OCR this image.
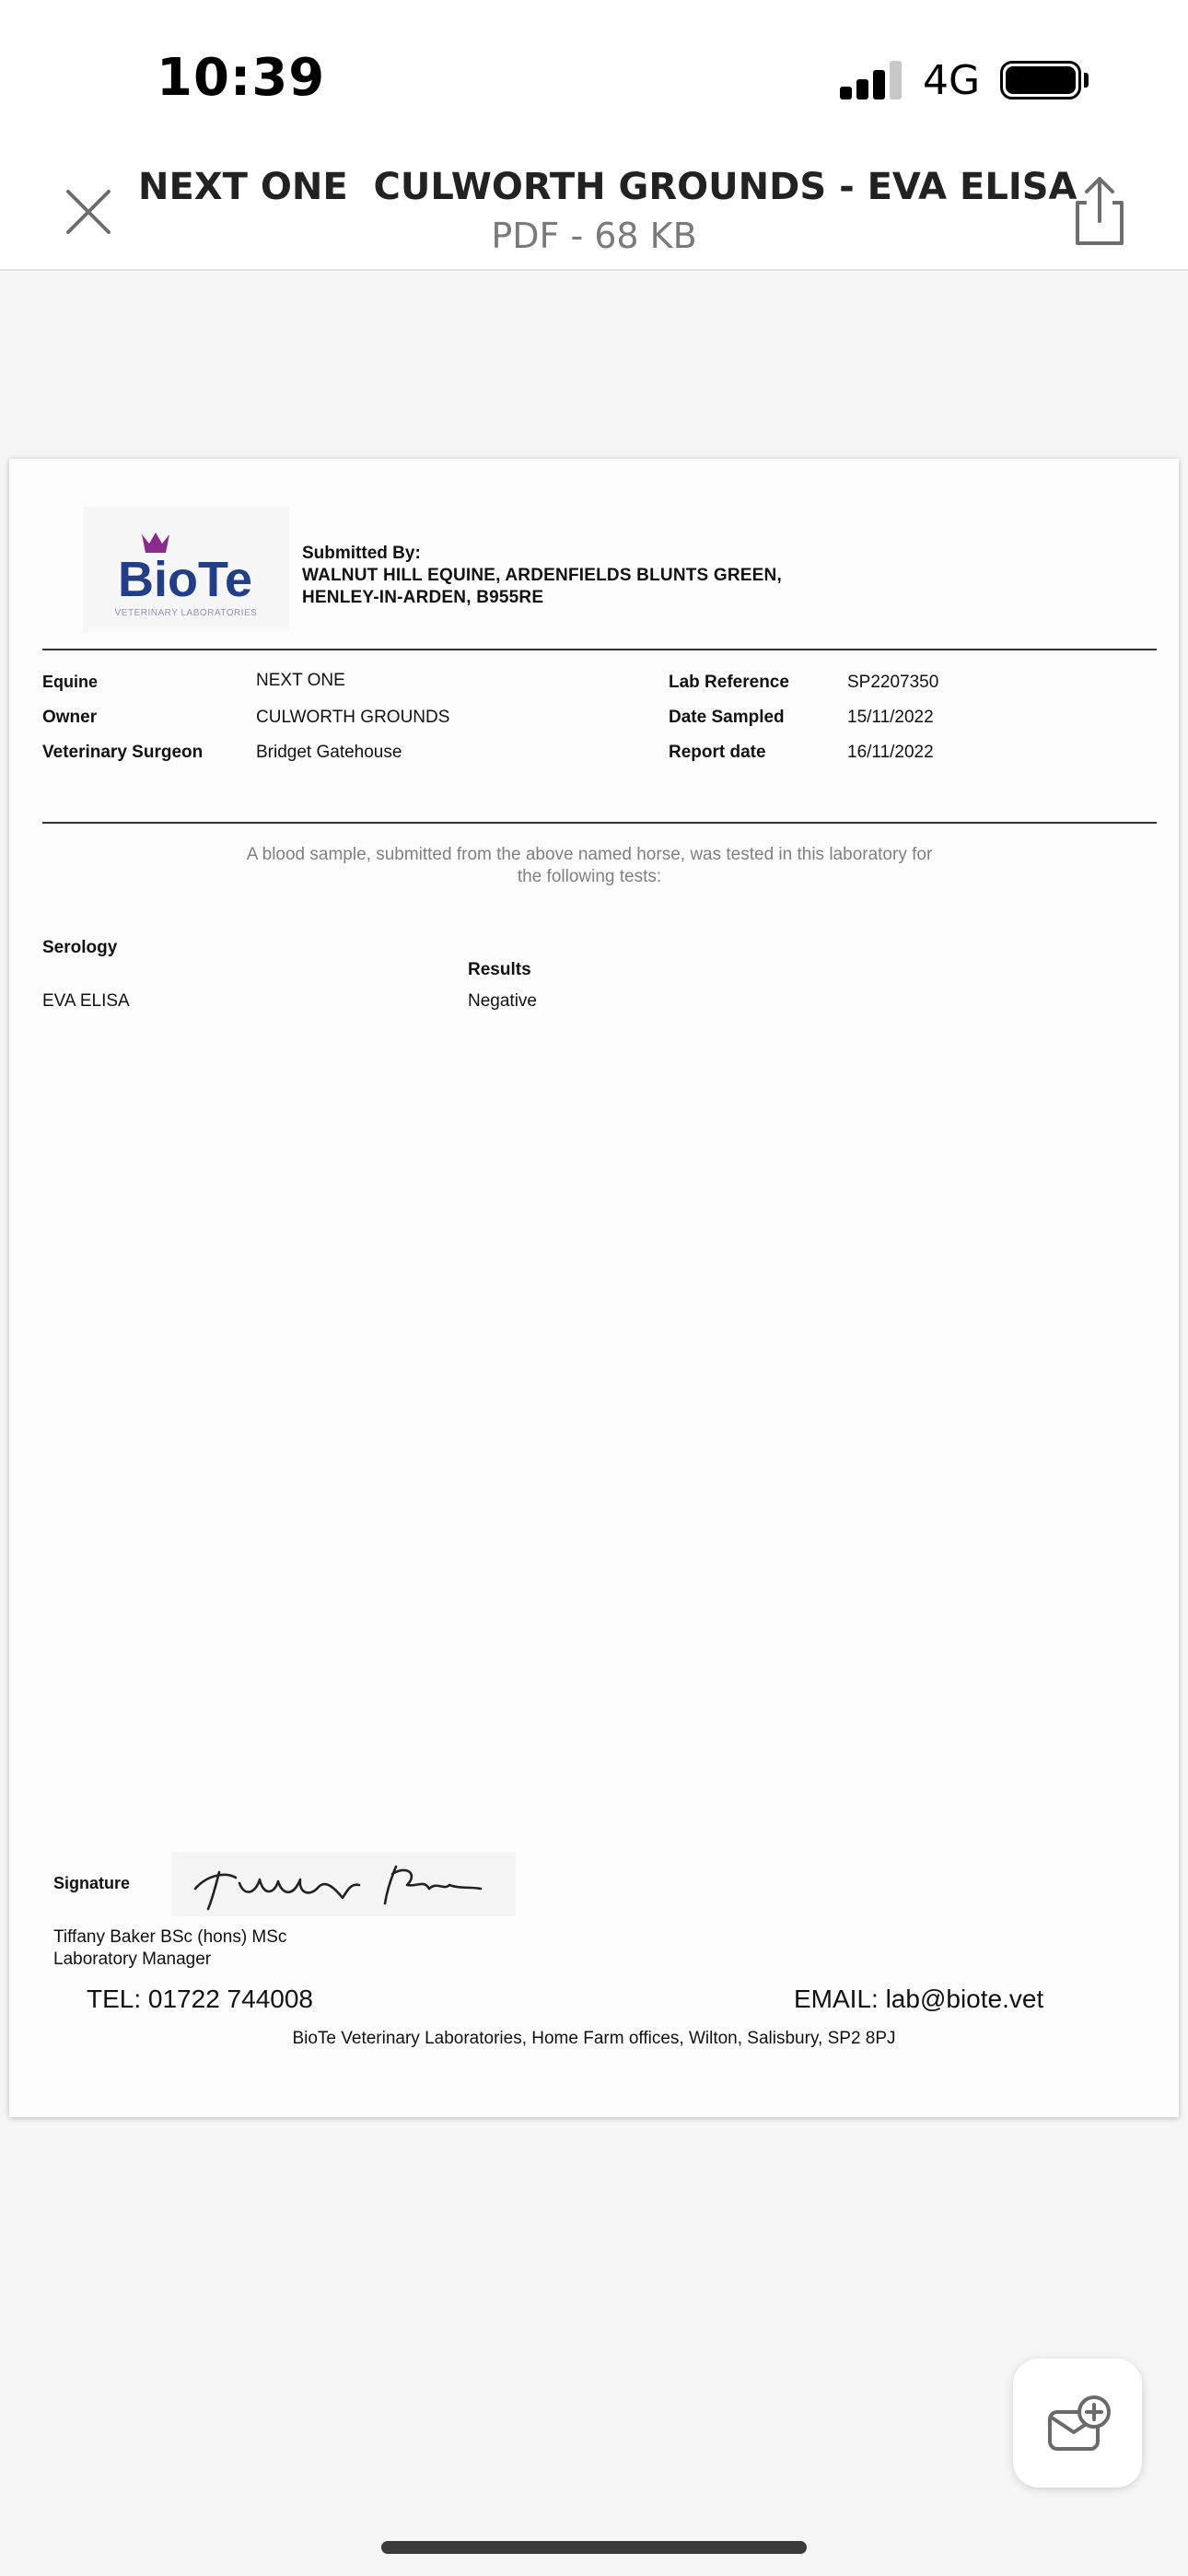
10:39	4G
NEXT ONE  CULWORTH GROUNDS - EVA ELISA
PDF - 68 KB
BioTe
VETERINARY LABORATORIES
Submitted By:
WALNUT HILL EQUINE, ARDENFIELDS BLUNTS GREEN,
HENLEY-IN-ARDEN, B955RE
Equine	NEXT ONE
Owner	CULWORTH GROUNDS
Veterinary Surgeon	Bridget Gatehouse
Lab Reference	SP2207350
Date Sampled	15/11/2022
Report date	16/11/2022
A blood sample, submitted from the above named horse, was tested in this laboratory for
the following tests:
Serology
Results
EVA ELISA	Negative
Signature
Tiffany Baker BSc (hons) MSc
Laboratory Manager
TEL: 01722 744008	EMAIL: lab@biote.vet
BioTe Veterinary Laboratories, Home Farm offices, Wilton, Salisbury, SP2 8PJ
